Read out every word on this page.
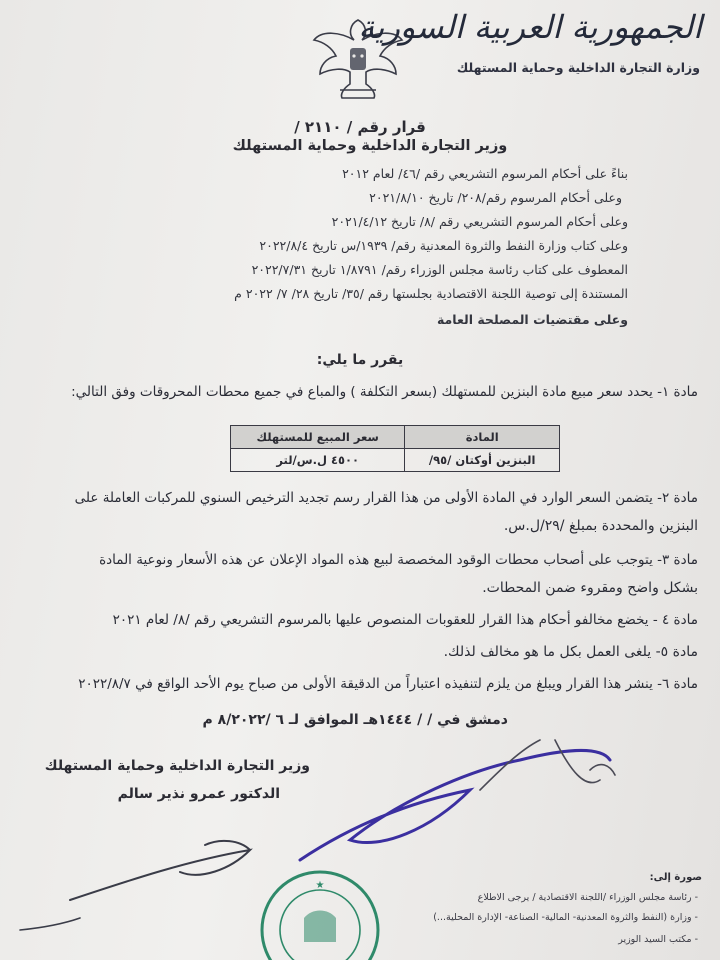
الجمهورية العربية السورية
وزارة التجارة الداخلية وحماية المستهلك
قرار رقم / ٢١١٠ /
وزير التجارة الداخلية وحماية المستهلك
بناءً على أحكام المرسوم التشريعي رقم /٤٦/ لعام ٢٠١٢
وعلى أحكام المرسوم رقم/٢٠٨/ تاريخ ٢٠٢١/٨/١٠
وعلى أحكام المرسوم التشريعي رقم /٨/ تاريخ ٢٠٢١/٤/١٢
وعلى كتاب وزارة النفط والثروة المعدنية رقم/ ١٩٣٩/س تاريخ ٢٠٢٢/٨/٤
المعطوف على كتاب رئاسة مجلس الوزراء رقم/ ١/٨٧٩١ تاريخ ٢٠٢٢/٧/٣١
المستندة إلى توصية اللجنة الاقتصادية بجلستها رقم /٣٥/ تاريخ ٢٨/ ٧/ ٢٠٢٢ م
وعلى مقتضيات المصلحة العامة
يقرر ما يلي:
مادة ١- يحدد سعر مبيع مادة البنزين للمستهلك (بسعر التكلفة ) والمباع في جميع محطات المحروقات وفق التالي:
المادة	سعر المبيع للمستهلك
البنزين أوكتان /٩٥/	٤٥٠٠ ل.س/لتر
مادة ٢- يتضمن السعر الوارد في المادة الأولى من هذا القرار رسم تجديد الترخيص السنوي للمركبات العاملة على
البنزين والمحددة بمبلغ /٢٩/ل.س.
مادة ٣- يتوجب على أصحاب محطات الوقود المخصصة لبيع هذه المواد الإعلان عن هذه الأسعار ونوعية المادة
بشكل واضح ومقروء ضمن المحطات.
مادة ٤ - يخضع مخالفو أحكام هذا القرار للعقوبات المنصوص عليها بالمرسوم التشريعي رقم /٨/ لعام ٢٠٢١
مادة ٥- يلغى العمل بكل ما هو مخالف لذلك.
مادة ٦- ينشر هذا القرار ويبلغ من يلزم لتنفيذه اعتباراً من الدقيقة الأولى من صباح يوم الأحد الواقع في ٢٠٢٢/٨/٧
دمشق في / / ١٤٤٤هـ الموافق لـ ٦ /٨/٢٠٢٢ م
وزير التجارة الداخلية وحماية المستهلك
الدكتور عمرو نذير سالم
★
صورة إلى:
- رئاسة مجلس الوزراء /اللجنة الاقتصادية / يرجى الاطلاع
- وزارة (النفط والثروة المعدنية- المالية- الصناعة- الإدارة المحلية...)
- مكتب السيد الوزير
